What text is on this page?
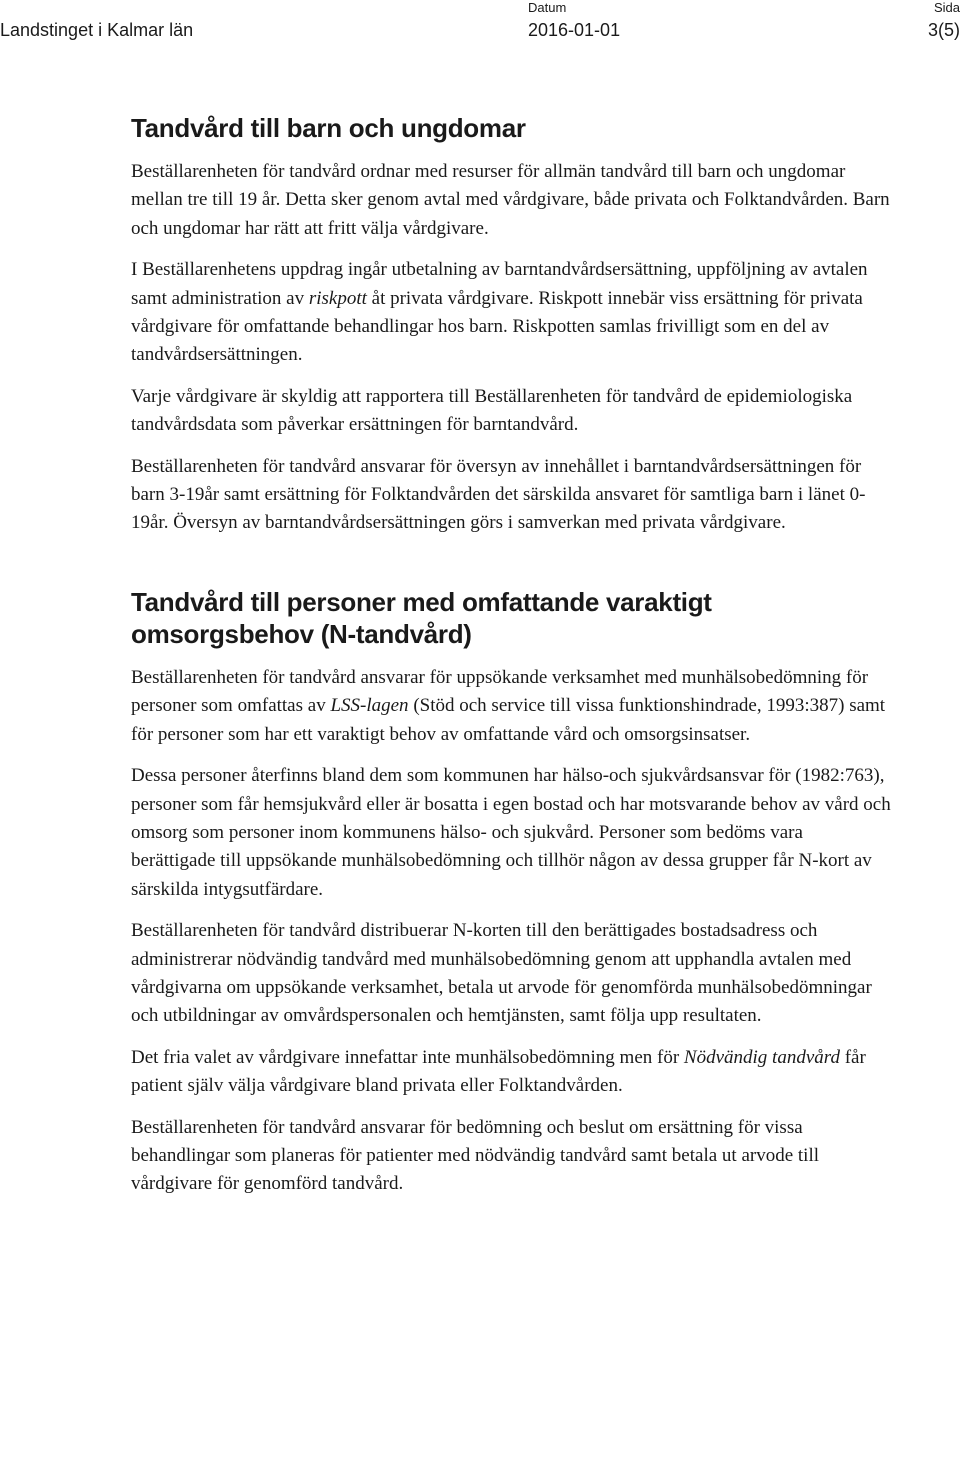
Landstinget i Kalmar län
Datum
2016-01-01
Sida
3(5)
Tandvård till barn och ungdomar

Beställarenheten för tandvård ordnar med resurser för allmän tandvård till barn och ungdomar mellan tre till 19 år. Detta sker genom avtal med vårdgivare, både privata och Folktandvården. Barn och ungdomar har rätt att fritt välja vårdgivare.

I Beställarenhetens uppdrag ingår utbetalning av barntandvårdsersättning, uppföljning av avtalen samt administration av riskpott åt privata vårdgivare. Riskpott innebär viss ersättning för privata vårdgivare för omfattande behandlingar hos barn. Riskpotten samlas frivilligt som en del av tandvårdsersättningen.

Varje vårdgivare är skyldig att rapportera till Beställarenheten för tandvård de epidemiologiska tandvårdsdata som påverkar ersättningen för barntandvård.

Beställarenheten för tandvård ansvarar för översyn av innehållet i barntandvårdsersättningen för barn 3-19år samt ersättning för Folktandvården det särskilda ansvaret för samtliga barn i länet 0-19år. Översyn av barntandvårdsersättningen görs i samverkan med privata vårdgivare.

Tandvård till personer med omfattande varaktigt omsorgsbehov (N-tandvård)

Beställarenheten för tandvård ansvarar för uppsökande verksamhet med munhälsobedömning för personer som omfattas av LSS-lagen (Stöd och service till vissa funktionshindrade, 1993:387) samt för personer som har ett varaktigt behov av omfattande vård och omsorgsinsatser.

Dessa personer återfinns bland dem som kommunen har hälso-och sjukvårdsansvar för (1982:763), personer som får hemsjukvård eller är bosatta i egen bostad och har motsvarande behov av vård och omsorg som personer inom kommunens hälso- och sjukvård. Personer som bedöms vara berättigade till uppsökande munhälsobedömning och tillhör någon av dessa grupper får N-kort av särskilda intygsutfärdare.

Beställarenheten för tandvård distribuerar N-korten till den berättigades bostadsadress och administrerar nödvändig tandvård med munhälsobedömning genom att upphandla avtalen med vårdgivarna om uppsökande verksamhet, betala ut arvode för genomförda munhälsobedömningar och utbildningar av omvårdspersonalen och hemtjänsten, samt följa upp resultaten.

Det fria valet av vårdgivare innefattar inte munhälsobedömning men för Nödvändig tandvård får patient själv välja vårdgivare bland privata eller Folktandvården.

Beställarenheten för tandvård ansvarar för bedömning och beslut om ersättning för vissa behandlingar som planeras för patienter med nödvändig tandvård samt betala ut arvode till vårdgivare för genomförd tandvård.
